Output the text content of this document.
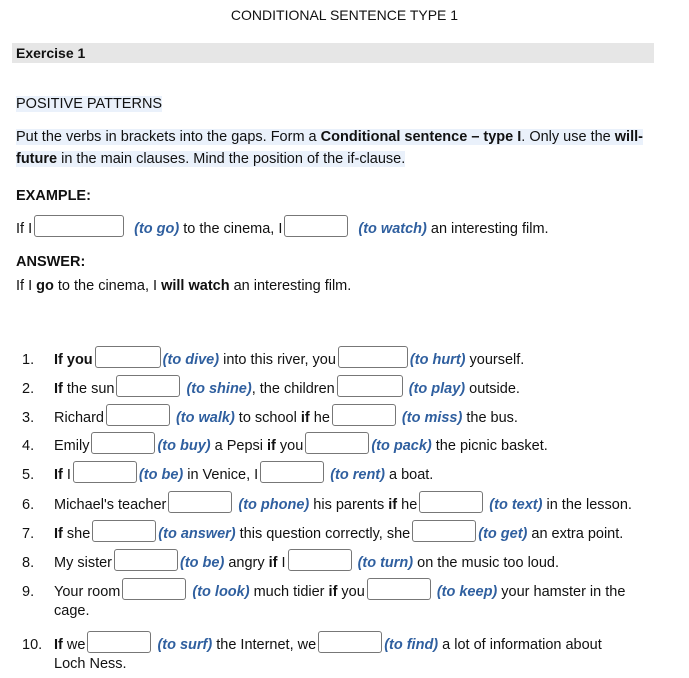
CONDITIONAL SENTENCE TYPE 1
Exercise 1
POSITIVE PATTERNS
Put the verbs in brackets into the gaps. Form a Conditional sentence – type I. Only use the will-
future in the main clauses. Mind the position of the if-clause.
EXAMPLE:
If I	(to go) to the cinema, I	(to watch) an interesting film.
ANSWER:
If I go to the cinema, I will watch an interesting film.
1. If you	(to dive) into this river, you	(to hurt) yourself.
2. If the sun	(to shine), the children	(to play) outside.
3. Richard	(to walk) to school if he	(to miss) the bus.
4. Emily	(to buy) a Pepsi if you	(to pack) the picnic basket.
5. If I	(to be) in Venice, I	(to rent) a boat.
6. Michael's teacher	(to phone) his parents if he	(to text) in the lesson.
7. If she	(to answer) this question correctly, she	(to get) an extra point.
8. My sister	(to be) angry if I	(to turn) on the music too loud.
9. Your room	(to look) much tidier if you	(to keep) your hamster in the
cage.
10. If we	(to surf) the Internet, we	(to find) a lot of information about
Loch Ness.
